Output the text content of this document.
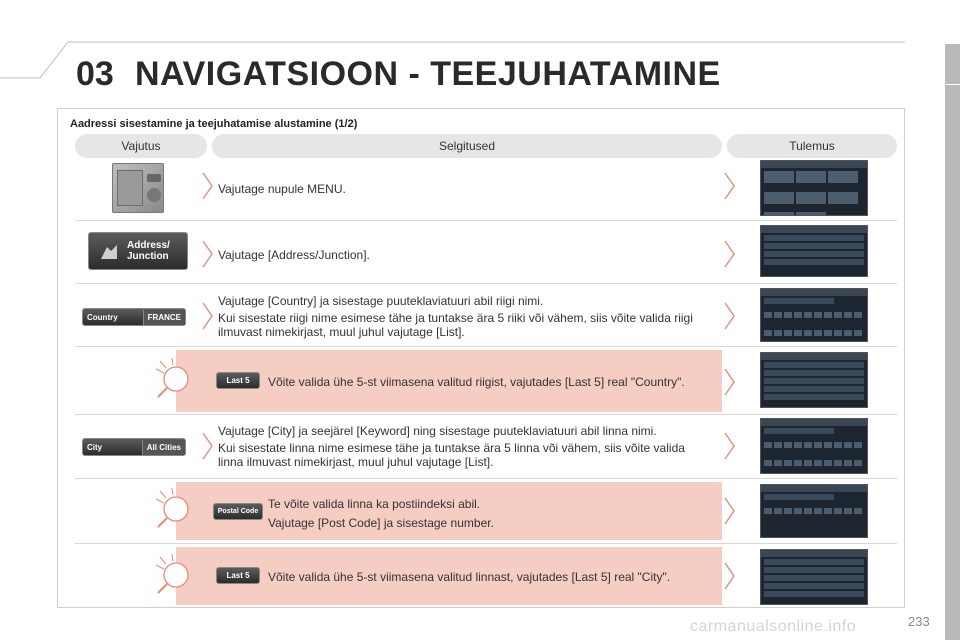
03 NAVIGATSIOON - TEEJUHATAMINE
Aadressi sisestamine ja teejuhatamise alustamine (1/2)
Vajutus	Selgitused	Tulemus

Vajutage nupule MENU.

Address/
Junction	Vajutage [Address/Junction].

Country	FRANCE

Vajutage [Country] ja sisestage puuteklaviatuuri abil riigi nimi.

Kui sisestate riigi nime esimese tähe ja tuntakse ära 5 riiki või vähem, siis võite valida riigi ilmuvast nimekirjast, muul juhul vajutage [List].

Last 5 Võite valida ühe 5-st viimasena valitud riigist, vajutades [Last 5] real "Country".

City	All Cities

Vajutage [City] ja seejärel [Keyword] ning sisestage puuteklaviatuuri abil linna nimi.

Kui sisestate linna nime esimese tähe ja tuntakse ära 5 linna või vähem, siis võite valida linna ilmuvast nimekirjast, muul juhul vajutage [List].

Postal Code

Te võite valida linna ka postiindeksi abil.

Vajutage [Post Code] ja sisestage number.

Last 5 Võite valida ühe 5-st viimasena valitud linnast, vajutades [Last 5] real "City".

carmanualsonline.info	233
